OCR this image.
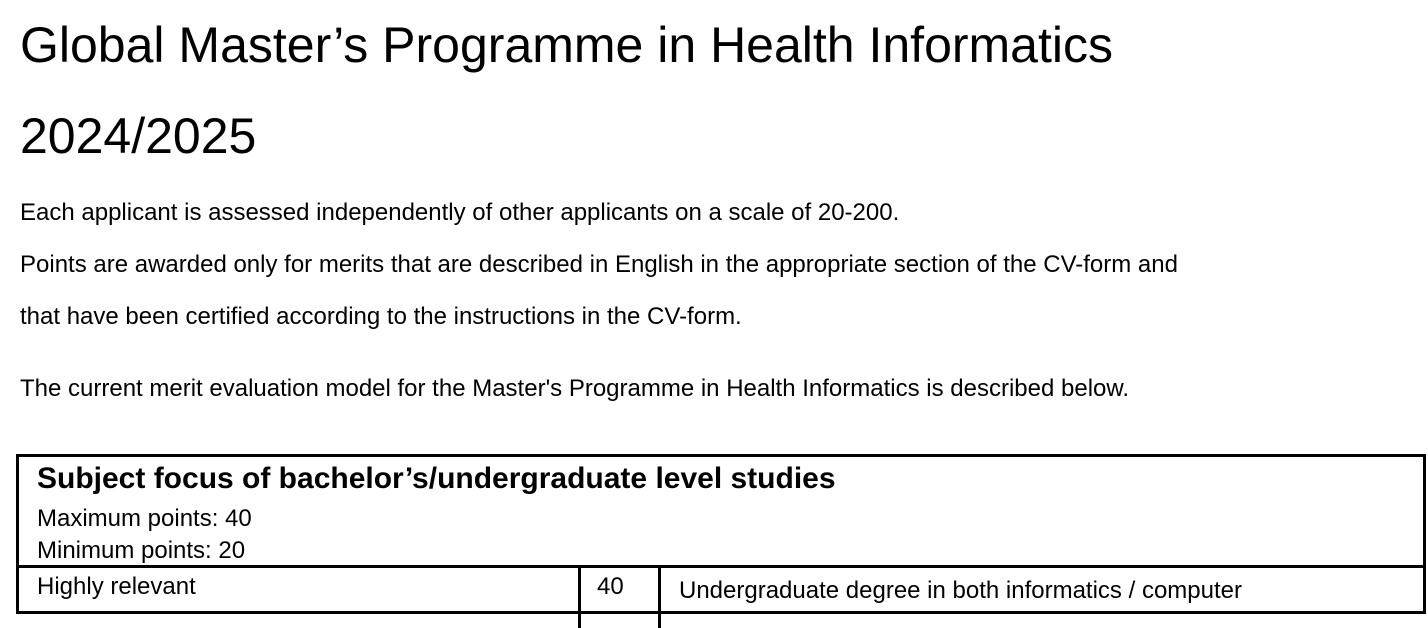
Global Master’s Programme in Health Informatics
2024/2025

Each applicant is assessed independently of other applicants on a scale of 20-200.

Points are awarded only for merits that are described in English in the appropriate section of the CV-form and

that have been certified according to the instructions in the CV-form.

The current merit evaluation model for the Master's Programme in Health Informatics is described below.

Subject focus of bachelor’s/undergraduate level studies

Maximum points: 40

Minimum points: 20

Highly relevant	40 Undergraduate degree in both informatics / computer
